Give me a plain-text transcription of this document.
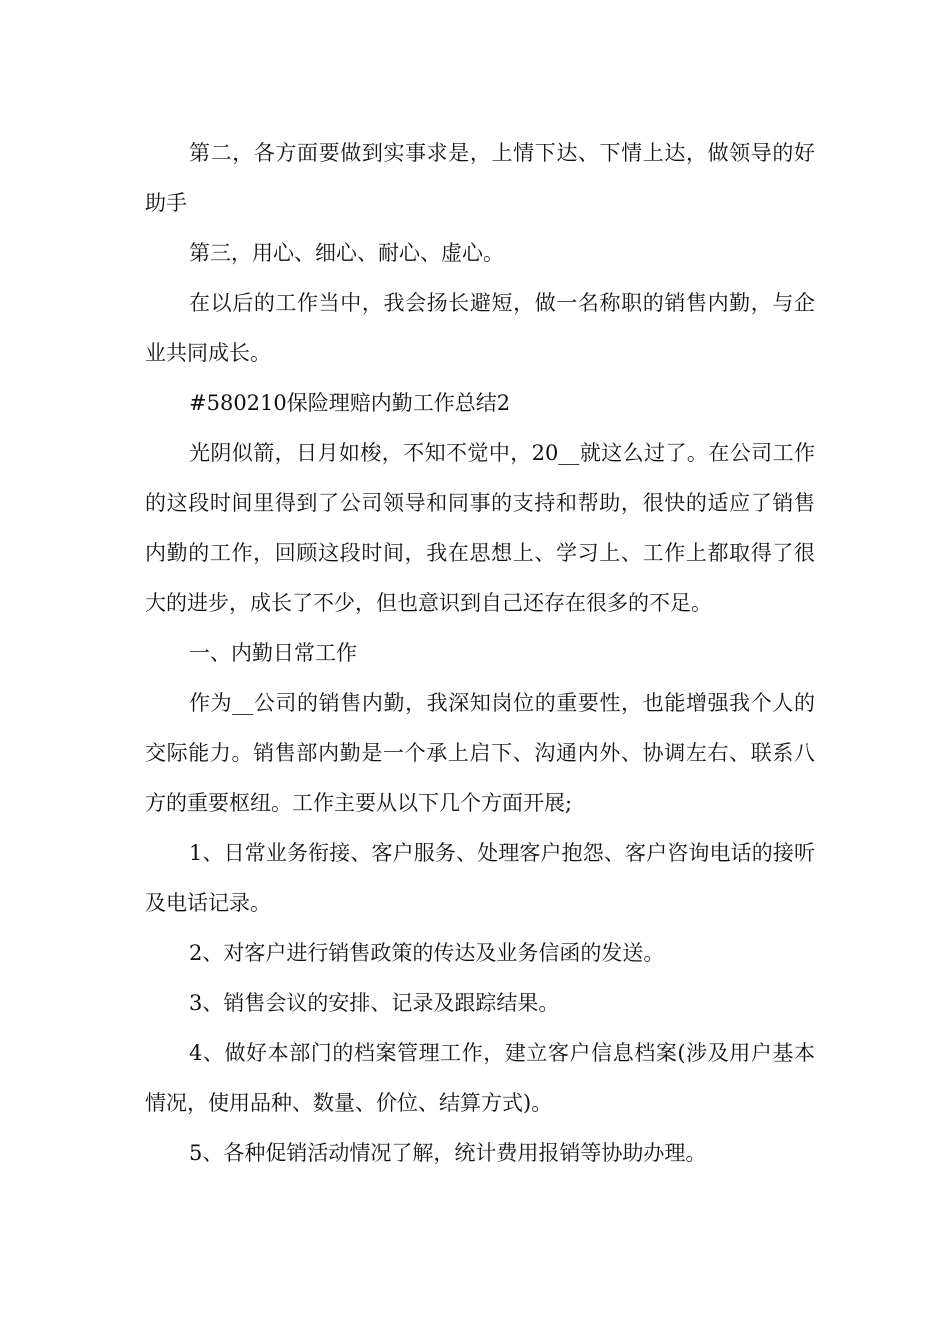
第二，各方面要做到实事求是，上情下达、下情上达，做领导的好助手

第三，用心、细心、耐心、虚心。

在以后的工作当中，我会扬长避短，做一名称职的销售内勤，与企业共同成长。

#580210保险理赔内勤工作总结2

光阴似箭，日月如梭，不知不觉中，20__就这么过了。在公司工作的这段时间里得到了公司领导和同事的支持和帮助，很快的适应了销售内勤的工作，回顾这段时间，我在思想上、学习上、工作上都取得了很大的进步，成长了不少，但也意识到自己还存在很多的不足。

一、内勤日常工作

作为__公司的销售内勤，我深知岗位的重要性，也能增强我个人的交际能力。销售部内勤是一个承上启下、沟通内外、协调左右、联系八方的重要枢纽。工作主要从以下几个方面开展;

1、日常业务衔接、客户服务、处理客户抱怨、客户咨询电话的接听及电话记录。

2、对客户进行销售政策的传达及业务信函的发送。

3、销售会议的安排、记录及跟踪结果。

4、做好本部门的档案管理工作，建立客户信息档案(涉及用户基本情况，使用品种、数量、价位、结算方式)。

5、各种促销活动情况了解，统计费用报销等协助办理。
